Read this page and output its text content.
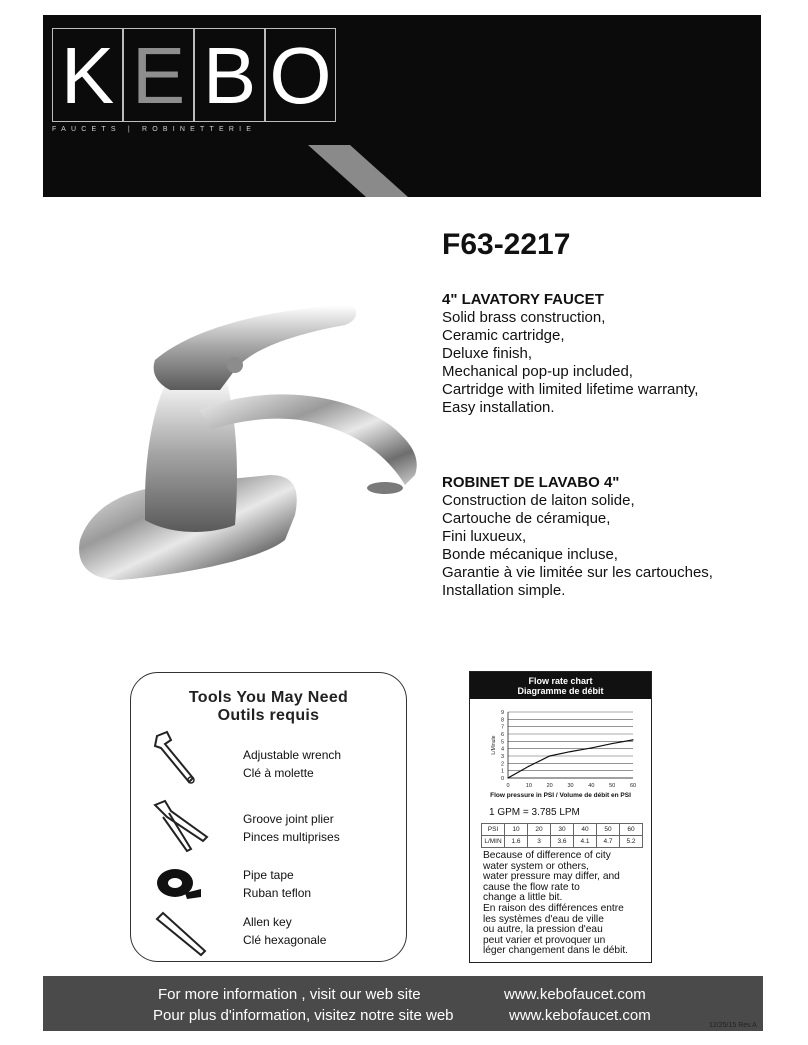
K E B O
FAUCETS | ROBINETTERIE
F63-2217
4" LAVATORY FAUCET
Solid brass construction,
Ceramic cartridge,
Deluxe finish,
Mechanical pop-up included,
Cartridge with limited lifetime warranty,
Easy installation.
ROBINET DE LAVABO 4"
Construction de laiton solide,
Cartouche de céramique,
Fini luxueux,
Bonde mécanique incluse,
Garantie à vie limitée sur les cartouches,
Installation simple.
Tools You May Need
Outils requis
Adjustable wrench
Clé à molette
Groove joint plier
Pinces multiprises
Pipe tape
Ruban teflon
Allen key
Clé hexagonale
Flow rate chart
Diagramme de débit
0
1
2
3
4
5
6
7
8
9
0	10	20	30	40	50	60
L/Minute
Flow pressure in PSI / Volume de débit en PSI
1 GPM = 3.785 LPM
PSI	10	20	30	40	50	60
L/MIN	1.6	3	3.6	4.1	4.7	5.2
Because of difference of city
water system or others,
water pressure may differ, and
cause the flow rate to
change a little bit.
En raison des différences entre
les systèmes d'eau de ville
ou autre, la pression d'eau
peut varier et provoquer un
léger changement dans le débit.
For more information , visit our web site
Pour plus d'information, visitez notre site web
www.kebofaucet.com
www.kebofaucet.com
12/25/15 Rev.A
